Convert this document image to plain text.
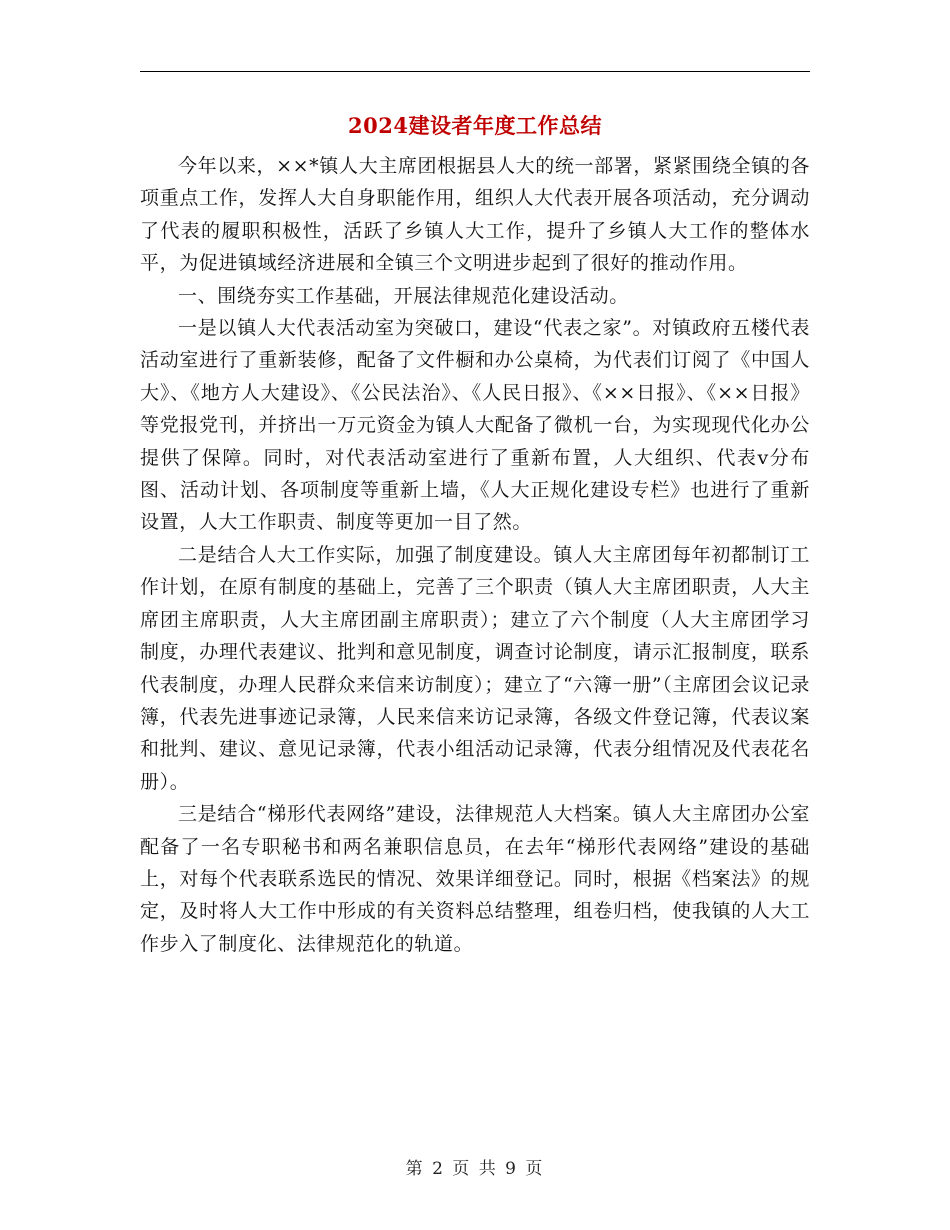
2024建设者年度工作总结

今年以来，××*镇人大主席团根据县人大的统一部署，紧紧围绕全镇的各项重点工作，发挥人大自身职能作用，组织人大代表开展各项活动，充分调动了代表的履职积极性，活跃了乡镇人大工作，提升了乡镇人大工作的整体水平，为促进镇域经济进展和全镇三个文明进步起到了很好的推动作用。

一、围绕夯实工作基础，开展法律规范化建设活动。

一是以镇人大代表活动室为突破口，建设“代表之家”。对镇政府五楼代表活动室进行了重新装修，配备了文件橱和办公桌椅，为代表们订阅了《中国人大》、《地方人大建设》、《公民法治》、《人民日报》、《××日报》、《××日报》等党报党刊，并挤出一万元资金为镇人大配备了微机一台，为实现现代化办公提供了保障。同时，对代表活动室进行了重新布置，人大组织、代表v分布图、活动计划、各项制度等重新上墙，《人大正规化建设专栏》也进行了重新设置，人大工作职责、制度等更加一目了然。

二是结合人大工作实际，加强了制度建设。镇人大主席团每年初都制订工作计划，在原有制度的基础上，完善了三个职责（镇人大主席团职责，人大主席团主席职责，人大主席团副主席职责）；建立了六个制度（人大主席团学习制度，办理代表建议、批判和意见制度，调查讨论制度，请示汇报制度，联系代表制度，办理人民群众来信来访制度）；建立了“六簿一册”（主席团会议记录簿，代表先进事迹记录簿，人民来信来访记录簿，各级文件登记簿，代表议案和批判、建议、意见记录簿，代表小组活动记录簿，代表分组情况及代表花名册）。

三是结合“梯形代表网络”建设，法律规范人大档案。镇人大主席团办公室配备了一名专职秘书和两名兼职信息员，在去年“梯形代表网络”建设的基础上，对每个代表联系选民的情况、效果详细登记。同时，根据《档案法》的规定，及时将人大工作中形成的有关资料总结整理，组卷归档，使我镇的人大工作步入了制度化、法律规范化的轨道。

第 2 页 共 9 页
